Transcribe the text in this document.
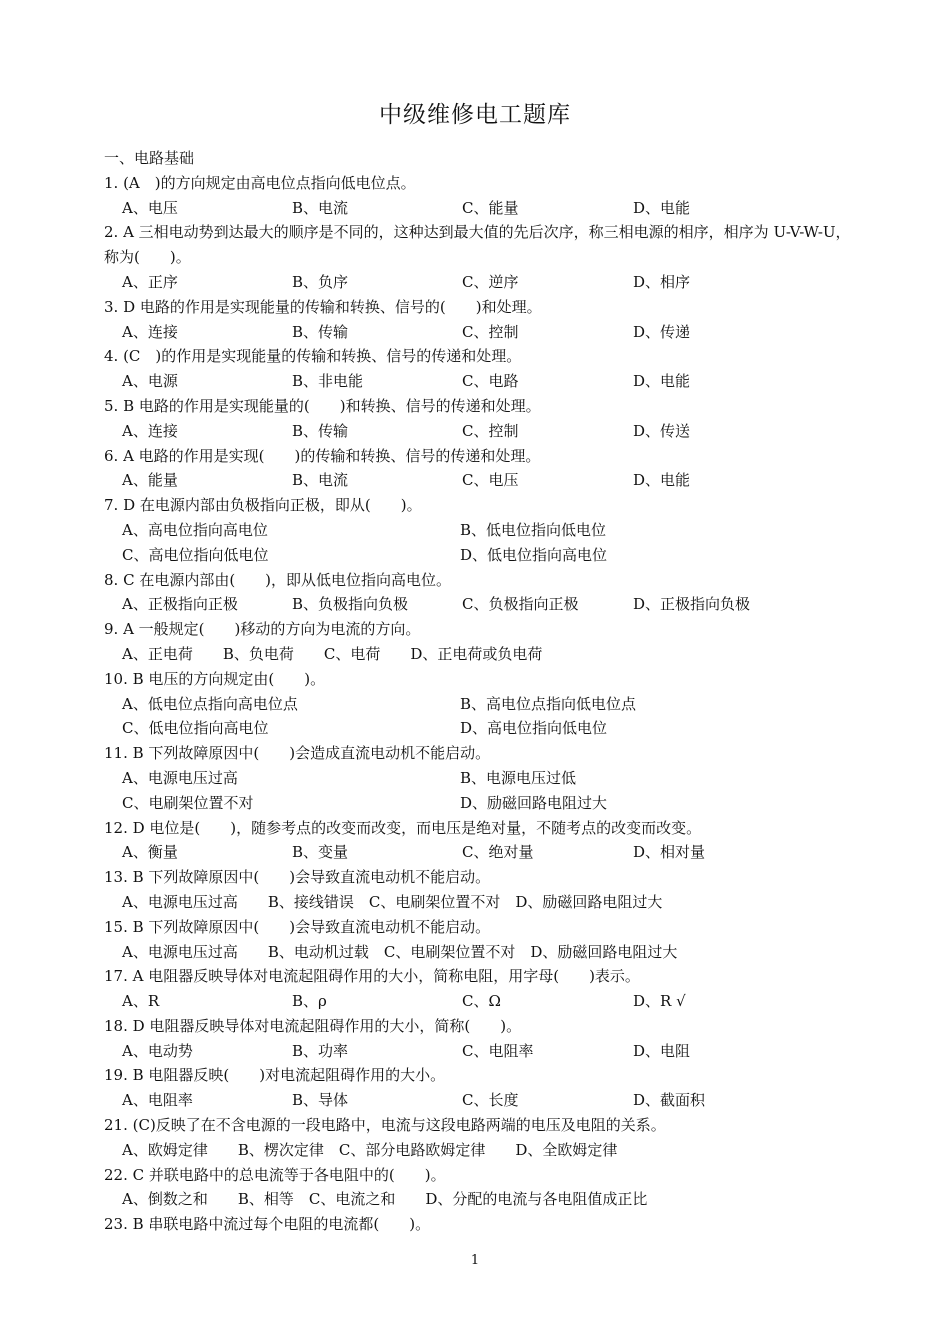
中级维修电工题库
一、电路基础
1. (A　)的方向规定由高电位点指向低电位点。
A、电压	B、电流	C、能量	D、电能
2. A 三相电动势到达最大的顺序是不同的，这种达到最大值的先后次序，称三相电源的相序，相序为 U-V-W-U，称为(　　)。
A、正序	B、负序	C、逆序	D、相序
3. D 电路的作用是实现能量的传输和转换、信号的(　　)和处理。
A、连接	B、传输	C、控制	D、传递
4. (C　)的作用是实现能量的传输和转换、信号的传递和处理。
A、电源	B、非电能	C、电路	D、电能
5. B 电路的作用是实现能量的(　　)和转换、信号的传递和处理。
A、连接	B、传输	C、控制	D、传送
6. A 电路的作用是实现(　　)的传输和转换、信号的传递和处理。
A、能量	B、电流	C、电压	D、电能
7. D 在电源内部由负极指向正极，即从(　　)。
A、高电位指向高电位	B、低电位指向低电位
C、高电位指向低电位	D、低电位指向高电位
8. C 在电源内部由(　　)，即从低电位指向高电位。
A、正极指向正极	B、负极指向负极	C、负极指向正极	D、正极指向负极
9. A 一般规定(　　)移动的方向为电流的方向。
A、正电荷　　B、负电荷　　C、电荷　　D、正电荷或负电荷
10. B 电压的方向规定由(　　)。
A、低电位点指向高电位点	B、高电位点指向低电位点
C、低电位指向高电位	D、高电位指向低电位
11. B 下列故障原因中(　　)会造成直流电动机不能启动。
A、电源电压过高	B、电源电压过低
C、电刷架位置不对	D、励磁回路电阻过大
12. D 电位是(　　)，随参考点的改变而改变，而电压是绝对量，不随考点的改变而改变。
A、衡量	B、变量	C、绝对量	D、相对量
13. B 下列故障原因中(　　)会导致直流电动机不能启动。
A、电源电压过高　　B、接线错误　C、电刷架位置不对　D、励磁回路电阻过大
15. B 下列故障原因中(　　)会导致直流电动机不能启动。
A、电源电压过高　　B、电动机过载　C、电刷架位置不对　D、励磁回路电阻过大
17. A 电阻器反映导体对电流起阻碍作用的大小，简称电阻，用字母(　　)表示。
A、R	B、ρ	C、Ω	D、R √
18. D 电阻器反映导体对电流起阻碍作用的大小，简称(　　)。
A、电动势	B、功率	C、电阻率	D、电阻
19. B 电阻器反映(　　)对电流起阻碍作用的大小。
A、电阻率	B、导体	C、长度	D、截面积
21. (C)反映了在不含电源的一段电路中，电流与这段电路两端的电压及电阻的关系。
A、欧姆定律　　B、楞次定律　C、部分电路欧姆定律　　D、全欧姆定律
22. C 并联电路中的总电流等于各电阻中的(　　)。
A、倒数之和　　B、相等　C、电流之和　　D、分配的电流与各电阻值成正比
23. B 串联电路中流过每个电阻的电流都(　　)。
1
